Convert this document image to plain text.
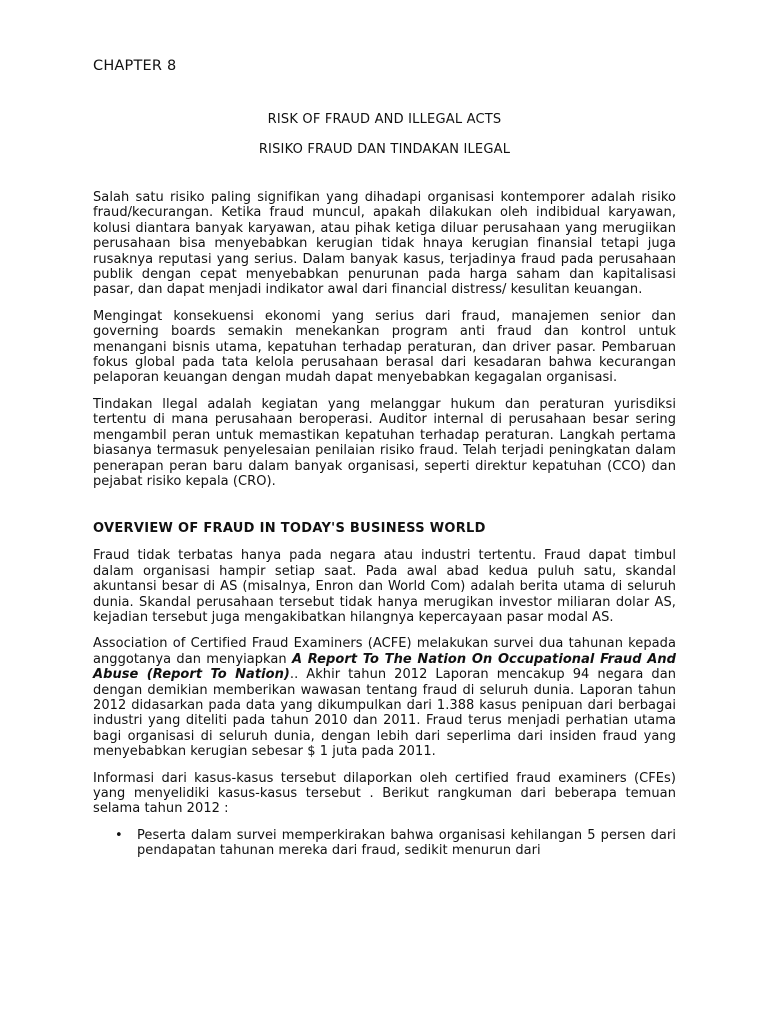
CHAPTER 8
RISK OF FRAUD AND ILLEGAL ACTS
RISIKO FRAUD DAN TINDAKAN ILEGAL

Salah satu risiko paling signifikan yang dihadapi organisasi kontemporer adalah risiko fraud/kecurangan. Ketika fraud muncul, apakah dilakukan oleh indibidual karyawan, kolusi diantara banyak karyawan, atau pihak ketiga diluar perusahaan yang merugiikan perusahaan bisa menyebabkan kerugian tidak hnaya kerugian finansial tetapi juga rusaknya reputasi yang serius. Dalam banyak kasus, terjadinya fraud pada perusahaan publik dengan cepat menyebabkan penurunan pada harga saham dan kapitalisasi pasar, dan dapat menjadi indikator awal dari financial distress/ kesulitan keuangan.

Mengingat konsekuensi ekonomi yang serius dari fraud, manajemen senior dan governing boards semakin menekankan program anti fraud dan kontrol untuk menangani bisnis utama, kepatuhan terhadap peraturan, dan driver pasar. Pembaruan fokus global pada tata kelola perusahaan berasal dari kesadaran bahwa kecurangan pelaporan keuangan dengan mudah dapat menyebabkan kegagalan organisasi.

Tindakan llegal adalah kegiatan yang melanggar hukum dan peraturan yurisdiksi tertentu di mana perusahaan beroperasi. Auditor internal di perusahaan besar sering mengambil peran untuk memastikan kepatuhan terhadap peraturan. Langkah pertama biasanya termasuk penyelesaian penilaian risiko fraud. Telah terjadi peningkatan dalam penerapan peran baru dalam banyak organisasi, seperti direktur kepatuhan (CCO) dan pejabat risiko kepala (CRO).

OVERVIEW OF FRAUD IN TODAY'S BUSINESS WORLD

Fraud tidak terbatas hanya pada negara atau industri tertentu. Fraud dapat timbul dalam organisasi hampir setiap saat. Pada awal abad kedua puluh satu, skandal akuntansi besar di AS (misalnya, Enron dan World Com) adalah berita utama di seluruh dunia. Skandal perusahaan tersebut tidak hanya merugikan investor miliaran dolar AS, kejadian tersebut juga mengakibatkan hilangnya kepercayaan pasar modal AS.

Association of Certified Fraud Examiners (ACFE) melakukan survei dua tahunan kepada anggotanya dan menyiapkan A Report To The Nation On Occupational Fraud And Abuse (Report To Nation).. Akhir tahun 2012 Laporan mencakup 94 negara dan dengan demikian memberikan wawasan tentang fraud di seluruh dunia. Laporan tahun 2012 didasarkan pada data yang dikumpulkan dari 1.388 kasus penipuan dari berbagai industri yang diteliti pada tahun 2010 dan 2011. Fraud terus menjadi perhatian utama bagi organisasi di seluruh dunia, dengan lebih dari seperlima dari insiden fraud yang menyebabkan kerugian sebesar $ 1 juta pada 2011.

Informasi dari kasus-kasus tersebut dilaporkan oleh certified fraud examiners (CFEs) yang menyelidiki kasus-kasus tersebut . Berikut rangkuman dari beberapa temuan selama tahun 2012 :

• Peserta dalam survei memperkirakan bahwa organisasi kehilangan 5 persen dari pendapatan tahunan mereka dari fraud, sedikit menurun dari
